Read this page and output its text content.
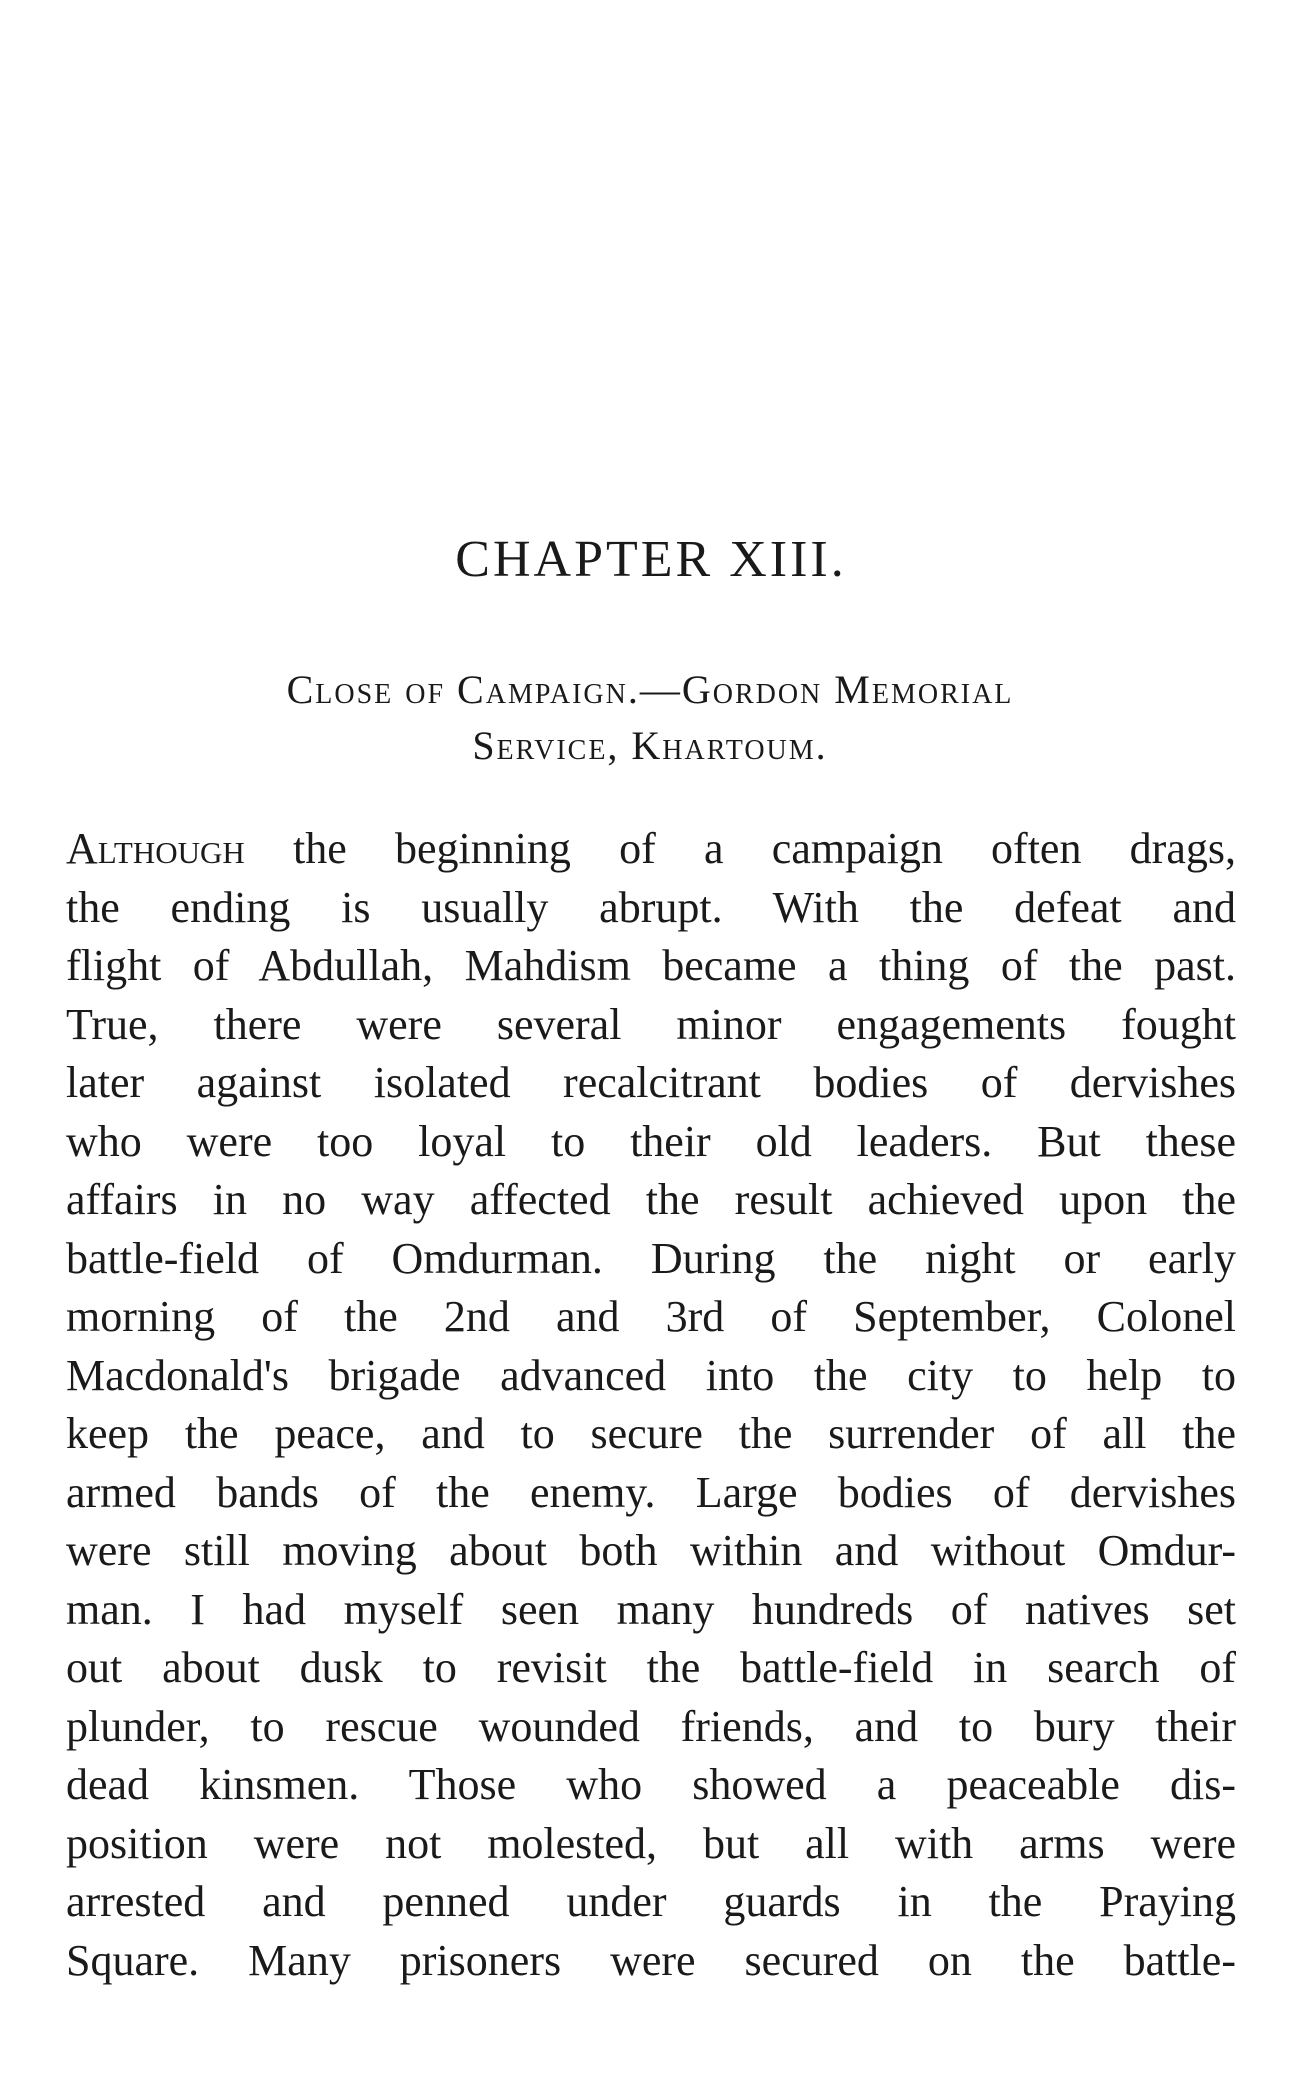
CHAPTER XIII.
Close of Campaign.—Gordon Memorial
Service, Khartoum.
Although the beginning of a campaign often drags,
the ending is usually abrupt. With the defeat and
flight of Abdullah, Mahdism became a thing of the past.
True, there were several minor engagements fought
later against isolated recalcitrant bodies of dervishes
who were too loyal to their old leaders. But these
affairs in no way affected the result achieved upon the
battle-field of Omdurman. During the night or early
morning of the 2nd and 3rd of September, Colonel
Macdonald's brigade advanced into the city to help to
keep the peace, and to secure the surrender of all the
armed bands of the enemy. Large bodies of dervishes
were still moving about both within and without Omdur-
man. I had myself seen many hundreds of natives set
out about dusk to revisit the battle-field in search of
plunder, to rescue wounded friends, and to bury their
dead kinsmen. Those who showed a peaceable dis-
position were not molested, but all with arms were
arrested and penned under guards in the Praying
Square. Many prisoners were secured on the battle-
